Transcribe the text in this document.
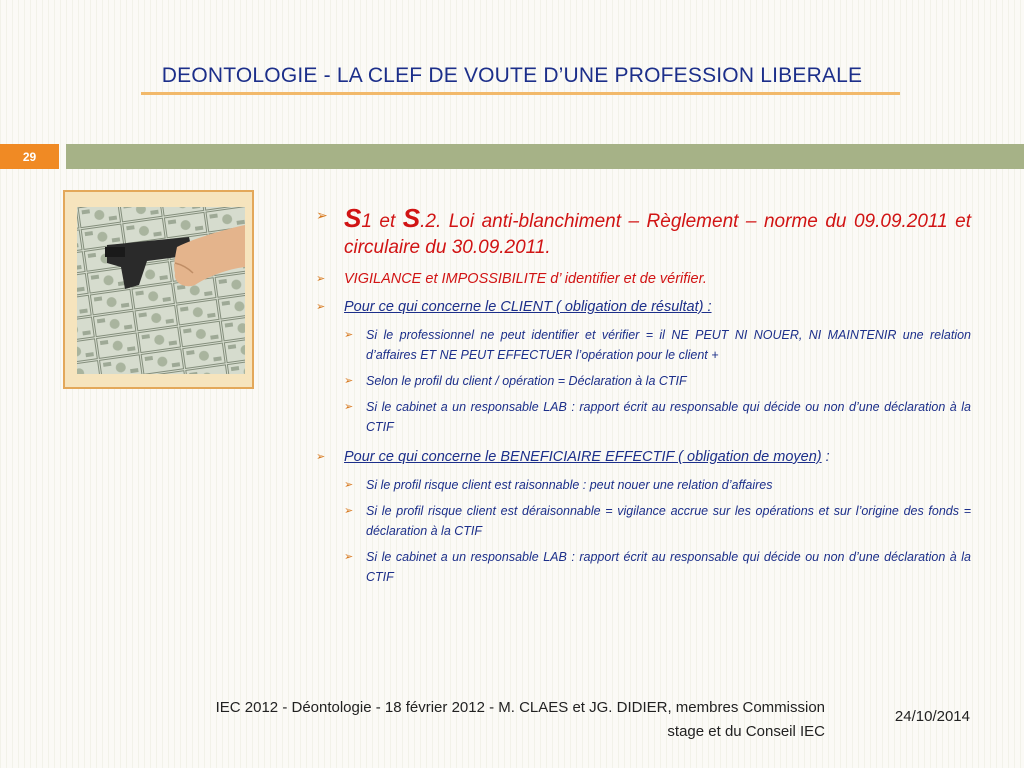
DEONTOLOGIE - LA CLEF DE VOUTE D’UNE PROFESSION LIBERALE
29
➢ S1 et S.2. Loi anti-blanchiment – Règlement – norme du 09.09.2011 et circulaire du 30.09.2011.
➢	VIGILANCE et IMPOSSIBILITE d’ identifier et de vérifier.
➢	Pour ce qui concerne le CLIENT ( obligation de résultat) :
➢	Si le professionnel ne peut identifier et vérifier = il NE PEUT NI NOUER, NI MAINTENIR une relation d’affaires ET NE PEUT EFFECTUER l’opération pour le client +
➢	Selon le profil du client / opération = Déclaration à la CTIF
➢	Si le cabinet a un responsable LAB : rapport écrit au responsable qui décide ou non d’une déclaration à la CTIF
➢	Pour ce qui concerne le BENEFICIAIRE EFFECTIF ( obligation de moyen) :
➢	Si le profil risque client est raisonnable : peut nouer une relation d’affaires
➢	Si le profil risque client est déraisonnable = vigilance accrue sur les opérations et sur l’origine des fonds = déclaration à la CTIF
➢	Si le cabinet a un responsable LAB : rapport écrit au responsable qui décide ou non d’une déclaration à la CTIF
IEC 2012 - Déontologie - 18 février 2012 - M. CLAES et JG. DIDIER, membres Commission
stage et du Conseil IEC
24/10/2014
